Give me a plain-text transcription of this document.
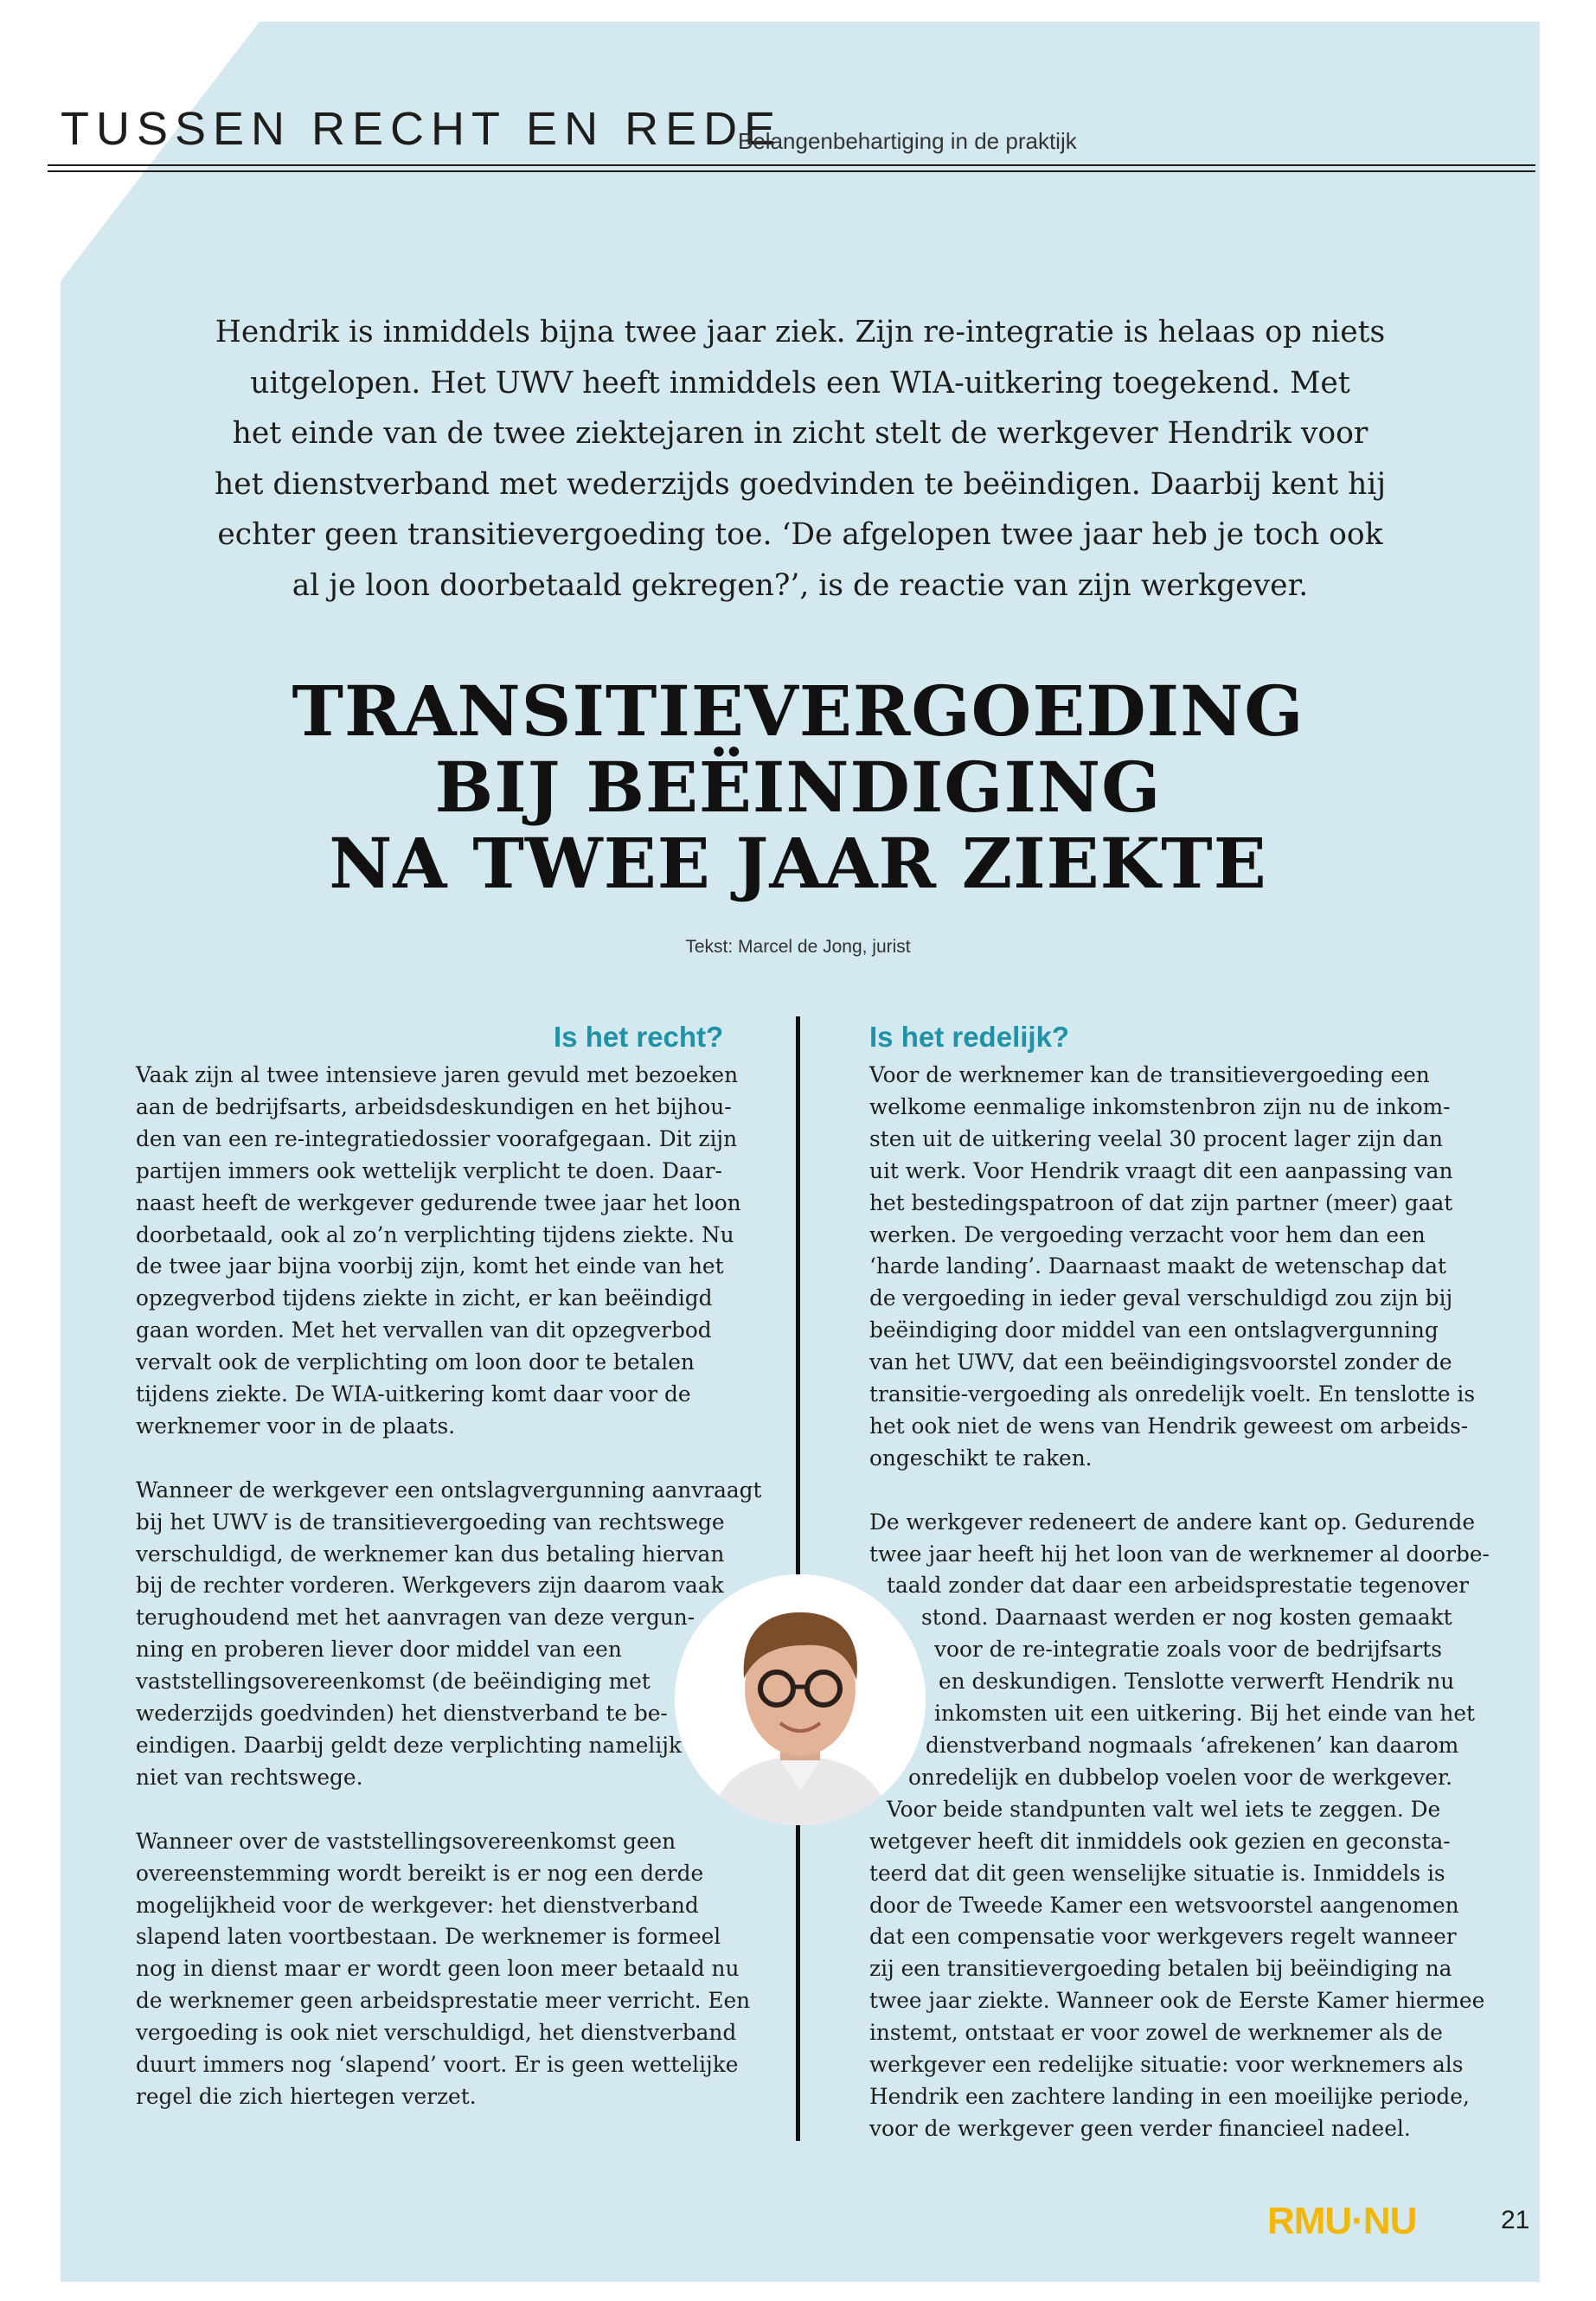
TUSSEN RECHT EN REDE
Belangenbehartiging in de praktijk
Hendrik is inmiddels bijna twee jaar ziek. Zijn re-integratie is helaas op niets
uitgelopen. Het UWV heeft inmiddels een WIA-uitkering toegekend. Met
het einde van de twee ziektejaren in zicht stelt de werkgever Hendrik voor
het dienstverband met wederzijds goedvinden te beëindigen. Daarbij kent hij
echter geen transitievergoeding toe. ‘De afgelopen twee jaar heb je toch ook
al je loon doorbetaald gekregen?’, is de reactie van zijn werkgever.
TRANSITIEVERGOEDING
BIJ BEËINDIGING
NA TWEE JAAR ZIEKTE
Tekst: Marcel de Jong, jurist
Is het recht?	Is het redelijk?

Vaak zijn al twee intensieve jaren gevuld met bezoeken
aan de bedrijfsarts, arbeidsdeskundigen en het bijhou-
den van een re-integratiedossier voorafgegaan. Dit zijn
partijen immers ook wettelijk verplicht te doen. Daar-
naast heeft de werkgever gedurende twee jaar het loon
doorbetaald, ook al zo’n verplichting tijdens ziekte. Nu
de twee jaar bijna voorbij zijn, komt het einde van het
opzegverbod tijdens ziekte in zicht, er kan beëindigd
gaan worden. Met het vervallen van dit opzegverbod
vervalt ook de verplichting om loon door te betalen
tijdens ziekte. De WIA-uitkering komt daar voor de
werknemer voor in de plaats.

Wanneer de werkgever een ontslagvergunning aanvraagt
bij het UWV is de transitievergoeding van rechtswege
verschuldigd, de werknemer kan dus betaling hiervan
bij de rechter vorderen. Werkgevers zijn daarom vaak
terughoudend met het aanvragen van deze vergun-
ning en proberen liever door middel van een
vaststellingsovereenkomst (de beëindiging met
wederzijds goedvinden) het dienstverband te be-
eindigen. Daarbij geldt deze verplichting namelijk
niet van rechtswege.

Wanneer over de vaststellingsovereenkomst geen
overeenstemming wordt bereikt is er nog een derde
mogelijkheid voor de werkgever: het dienstverband
slapend laten voortbestaan. De werknemer is formeel
nog in dienst maar er wordt geen loon meer betaald nu
de werknemer geen arbeidsprestatie meer verricht. Een
vergoeding is ook niet verschuldigd, het dienstverband
duurt immers nog ‘slapend’ voort. Er is geen wettelijke
regel die zich hiertegen verzet.

Voor de werknemer kan de transitievergoeding een
welkome eenmalige inkomstenbron zijn nu de inkom-
sten uit de uitkering veelal 30 procent lager zijn dan
uit werk. Voor Hendrik vraagt dit een aanpassing van
het bestedingspatroon of dat zijn partner (meer) gaat
werken. De vergoeding verzacht voor hem dan een
‘harde landing’. Daarnaast maakt de wetenschap dat
de vergoeding in ieder geval verschuldigd zou zijn bij
beëindiging door middel van een ontslagvergunning
van het UWV, dat een beëindigingsvoorstel zonder de
transitie-vergoeding als onredelijk voelt. En tenslotte is
het ook niet de wens van Hendrik geweest om arbeids-
ongeschikt te raken.

De werkgever redeneert de andere kant op. Gedurende
twee jaar heeft hij het loon van de werknemer al doorbe-
taald zonder dat daar een arbeidsprestatie tegenover
stond. Daarnaast werden er nog kosten gemaakt
voor de re-integratie zoals voor de bedrijfsarts
en deskundigen. Tenslotte verwerft Hendrik nu
inkomsten uit een uitkering. Bij het einde van het
dienstverband nogmaals ‘afrekenen’ kan daarom
onredelijk en dubbelop voelen voor de werkgever.
Voor beide standpunten valt wel iets te zeggen. De
wetgever heeft dit inmiddels ook gezien en geconsta-
teerd dat dit geen wenselijke situatie is. Inmiddels is
door de Tweede Kamer een wetsvoorstel aangenomen
dat een compensatie voor werkgevers regelt wanneer
zij een transitievergoeding betalen bij beëindiging na
twee jaar ziekte. Wanneer ook de Eerste Kamer hiermee
instemt, ontstaat er voor zowel de werknemer als de
werkgever een redelijke situatie: voor werknemers als
Hendrik een zachtere landing in een moeilijke periode,
voor de werkgever geen verder financieel nadeel.

RMU·NU	21
